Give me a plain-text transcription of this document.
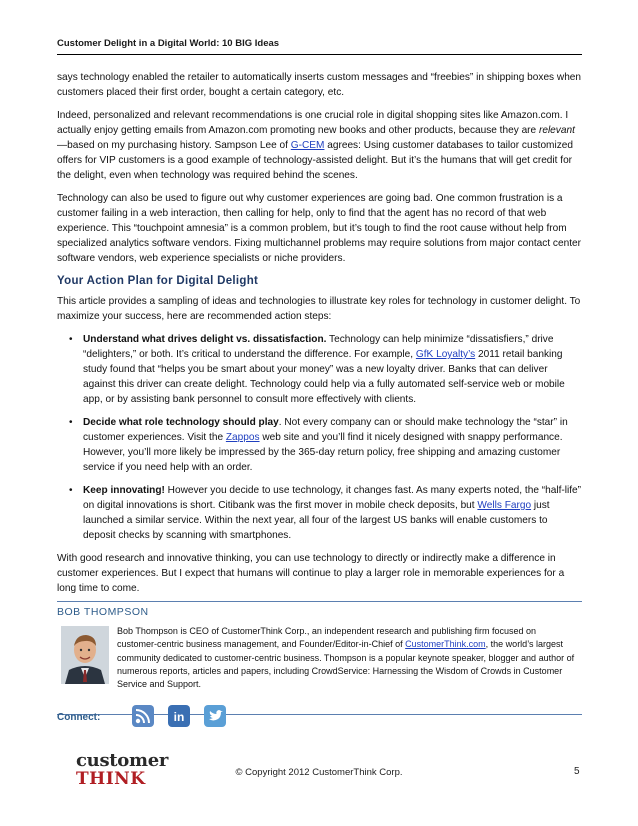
Customer Delight in a Digital World: 10 BIG Ideas

says technology enabled the retailer to automatically inserts custom messages and “freebies” in shipping boxes when customers placed their first order, bought a certain category, etc.

Indeed, personalized and relevant recommendations is one crucial role in digital shopping sites like Amazon.com. I actually enjoy getting emails from Amazon.com promoting new books and other products, because they are relevant—based on my purchasing history. Sampson Lee of G-CEM agrees: Using customer databases to tailor customized offers for VIP customers is a good example of technology-assisted delight. But it’s the humans that will get credit for the delight, even when technology was required behind the scenes.

Technology can also be used to figure out why customer experiences are going bad. One common frustration is a customer failing in a web interaction, then calling for help, only to find that the agent has no record of that web experience. This “touchpoint amnesia” is a common problem, but it’s tough to find the root cause without help from specialized analytics software vendors. Fixing multichannel problems may require solutions from major contact center software vendors, web experience specialists or niche providers.

Your Action Plan for Digital Delight

This article provides a sampling of ideas and technologies to illustrate key roles for technology in customer delight. To maximize your success, here are recommended action steps:

• Understand what drives delight vs. dissatisfaction. Technology can help minimize “dissatisfiers,” drive “delighters,” or both. It’s critical to understand the difference. For example, GfK Loyalty’s 2011 retail banking study found that “helps you be smart about your money” was a new loyalty driver. Banks that can deliver against this driver can create delight. Technology could help via a fully automated self-service web or mobile app, or by assisting bank personnel to consult more effectively with clients.
• Decide what role technology should play. Not every company can or should make technology the “star” in customer experiences. Visit the Zappos web site and you’ll find it nicely designed with snappy performance. However, you’ll more likely be impressed by the 365-day return policy, free shipping and amazing customer service if you need help with an order.
• Keep innovating! However you decide to use technology, it changes fast. As many experts noted, the “half-life” on digital innovations is short. Citibank was the first mover in mobile check deposits, but Wells Fargo just launched a similar service. Within the next year, all four of the largest US banks will enable customers to deposit checks by scanning with smartphones.

With good research and innovative thinking, you can use technology to directly or indirectly make a difference in customer experiences. But I expect that humans will continue to play a larger role in memorable experiences for a long time to come.

BOB THOMPSON
Bob Thompson is CEO of CustomerThink Corp., an independent research and publishing firm focused on customer-centric business management, and Founder/Editor-in-Chief of CustomerThink.com, the world’s largest community dedicated to customer-centric business. Thompson is a popular keynote speaker, blogger and author of numerous reports, articles and papers, including CrowdService: Harnessing the Wisdom of Crowds in Customer Service and Support.
Connect:	in
customer
THINK	© Copyright 2012 CustomerThink Corp.	5
